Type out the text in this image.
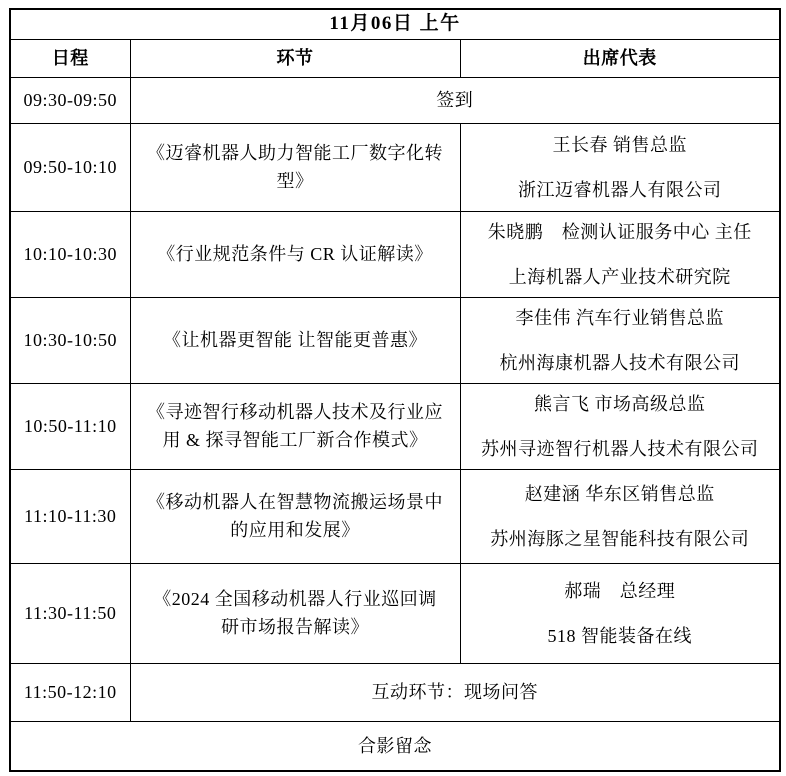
11月06日 上午		
日程	环节	出席代表
09:30-09:50	签到	
09:50-10:10	《迈睿机器人助力智能工厂数字化转型》	王长春 销售总监
浙江迈睿机器人有限公司

10:10-10:30	《行业规范条件与 CR 认证解读》	朱晓鹏　检测认证服务中心 主任
上海机器人产业技术研究院

10:30-10:50	《让机器更智能 让智能更普惠》	李佳伟 汽车行业销售总监
杭州海康机器人技术有限公司

10:50-11:10	《寻迹智行移动机器人技术及行业应用 & 探寻智能工厂新合作模式》	熊言飞 市场高级总监
苏州寻迹智行机器人技术有限公司

11:10-11:30	《移动机器人在智慧物流搬运场景中的应用和发展》	赵建涵 华东区销售总监
苏州海豚之星智能科技有限公司

11:30-11:50	《2024 全国移动机器人行业巡回调研市场报告解读》	郝瑞　总经理
518 智能装备在线

11:50-12:10	互动环节：现场问答	
合影留念		
